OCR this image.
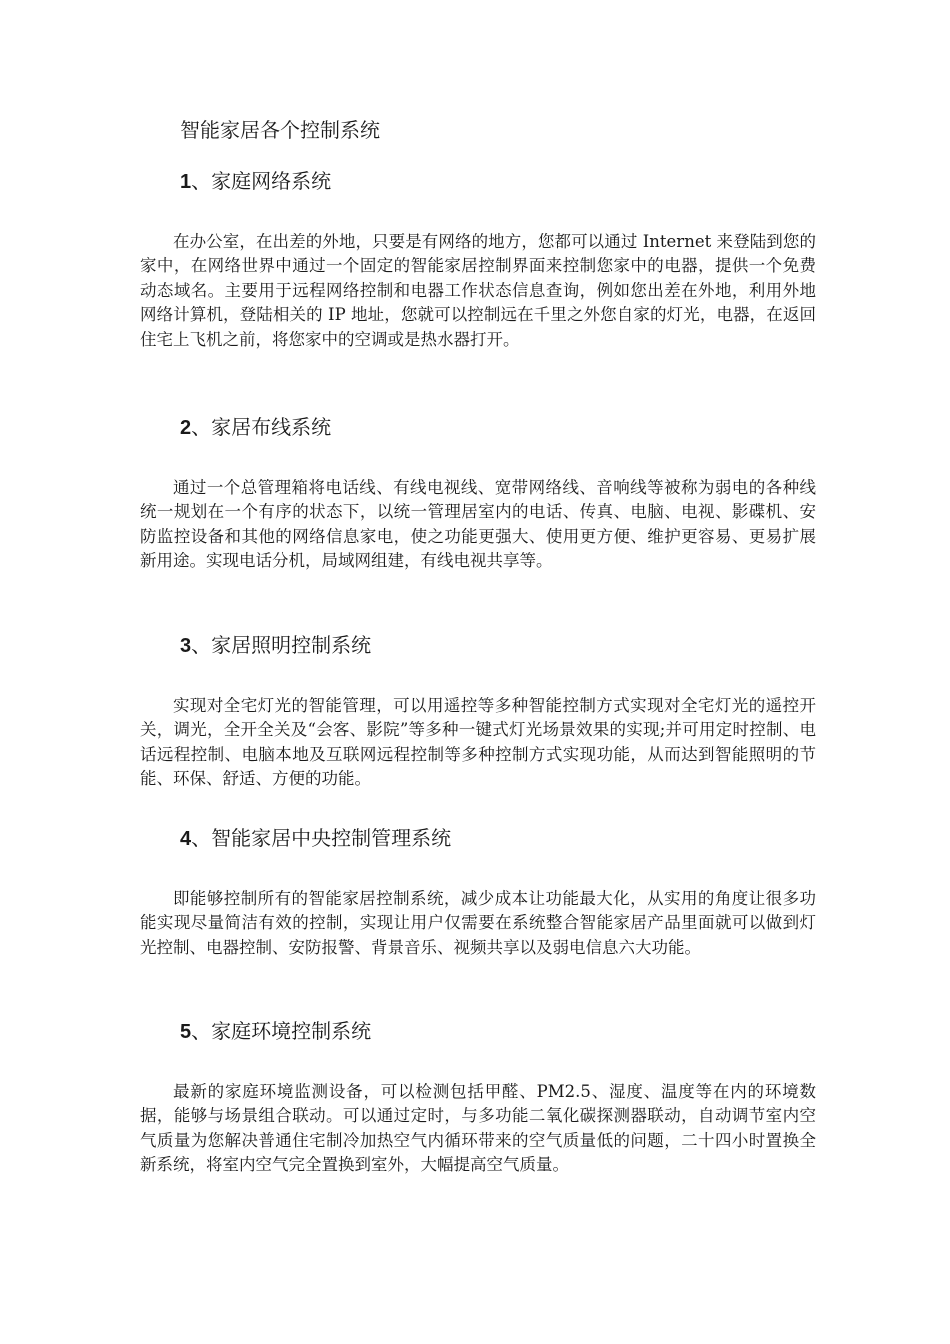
智能家居各个控制系统
1、家庭网络系统

在办公室，在出差的外地，只要是有网络的地方，您都可以通过 Internet 来登陆到您的家中，在网络世界中通过一个固定的智能家居控制界面来控制您家中的电器，提供一个免费动态域名。主要用于远程网络控制和电器工作状态信息查询，例如您出差在外地，利用外地网络计算机，登陆相关的 IP 地址，您就可以控制远在千里之外您自家的灯光，电器，在返回住宅上飞机之前，将您家中的空调或是热水器打开。

2、家居布线系统

通过一个总管理箱将电话线、有线电视线、宽带网络线、音响线等被称为弱电的各种线统一规划在一个有序的状态下，以统一管理居室内的电话、传真、电脑、电视、影碟机、安防监控设备和其他的网络信息家电，使之功能更强大、使用更方便、维护更容易、更易扩展新用途。实现电话分机，局域网组建，有线电视共享等。

3、家居照明控制系统

实现对全宅灯光的智能管理，可以用遥控等多种智能控制方式实现对全宅灯光的遥控开关，调光，全开全关及“会客、影院”等多种一键式灯光场景效果的实现;并可用定时控制、电话远程控制、电脑本地及互联网远程控制等多种控制方式实现功能，从而达到智能照明的节能、环保、舒适、方便的功能。

4、智能家居中央控制管理系统

即能够控制所有的智能家居控制系统，减少成本让功能最大化，从实用的角度让很多功能实现尽量简洁有效的控制，实现让用户仅需要在系统整合智能家居产品里面就可以做到灯光控制、电器控制、安防报警、背景音乐、视频共享以及弱电信息六大功能。

5、家庭环境控制系统

最新的家庭环境监测设备，可以检测包括甲醛、PM2.5、湿度、温度等在内的环境数据，能够与场景组合联动。可以通过定时，与多功能二氧化碳探测器联动，自动调节室内空气质量为您解决普通住宅制冷加热空气内循环带来的空气质量低的问题，二十四小时置换全新系统，将室内空气完全置换到室外，大幅提高空气质量。
